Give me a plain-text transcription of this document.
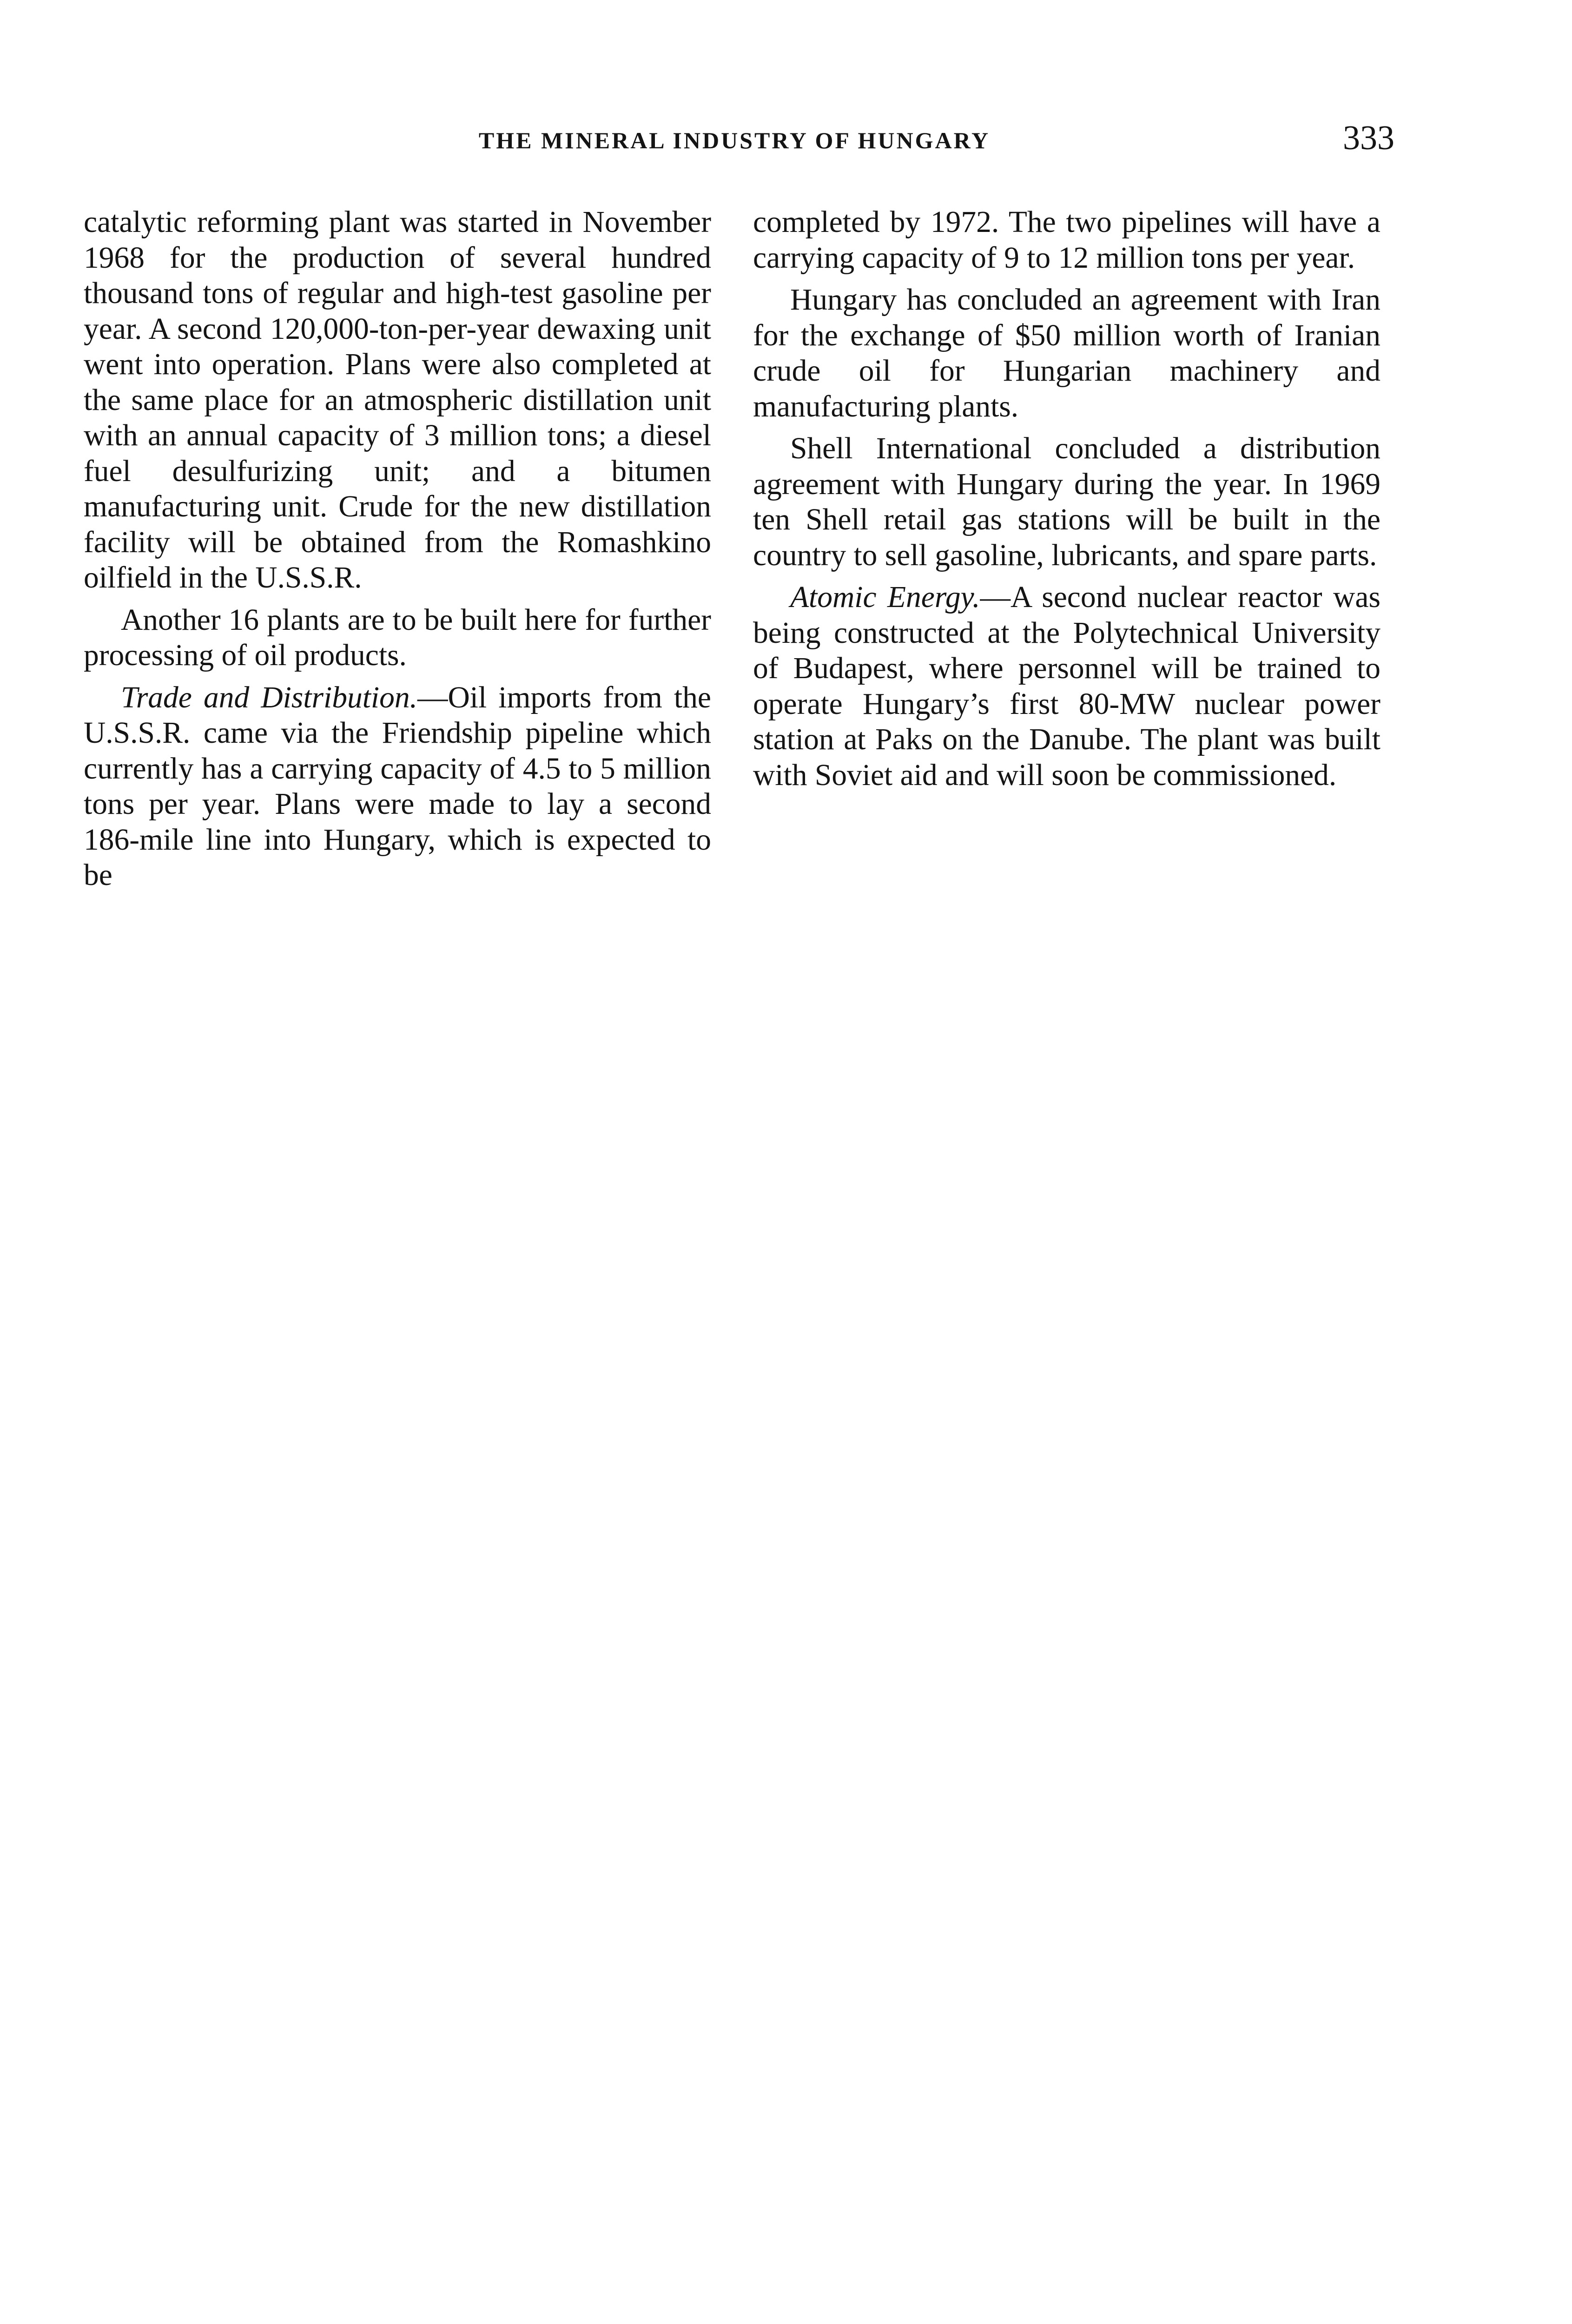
THE MINERAL INDUSTRY OF HUNGARY	333

catalytic reforming plant was started in November 1968 for the production of several hundred thousand tons of regular and high-test gasoline per year. A second 120,000-ton-per-year dewaxing unit went into operation. Plans were also completed at the same place for an atmospheric distillation unit with an annual capacity of 3 million tons; a diesel fuel desulfurizing unit; and a bitumen manufacturing unit. Crude for the new distillation facility will be obtained from the Romashkino oilfield in the U.S.S.R.

Another 16 plants are to be built here for further processing of oil products.

Trade and Distribution.—Oil imports from the U.S.S.R. came via the Friendship pipeline which currently has a carrying capacity of 4.5 to 5 million tons per year. Plans were made to lay a second 186-mile line into Hungary, which is expected to be

completed by 1972. The two pipelines will have a carrying capacity of 9 to 12 million tons per year.

Hungary has concluded an agreement with Iran for the exchange of $50 million worth of Iranian crude oil for Hungarian machinery and manufacturing plants.

Shell International concluded a distribution agreement with Hungary during the year. In 1969 ten Shell retail gas stations will be built in the country to sell gasoline, lubricants, and spare parts.

Atomic Energy.—A second nuclear reactor was being constructed at the Polytechnical University of Budapest, where personnel will be trained to operate Hungary’s first 80-MW nuclear power station at Paks on the Danube. The plant was built with Soviet aid and will soon be commissioned.
